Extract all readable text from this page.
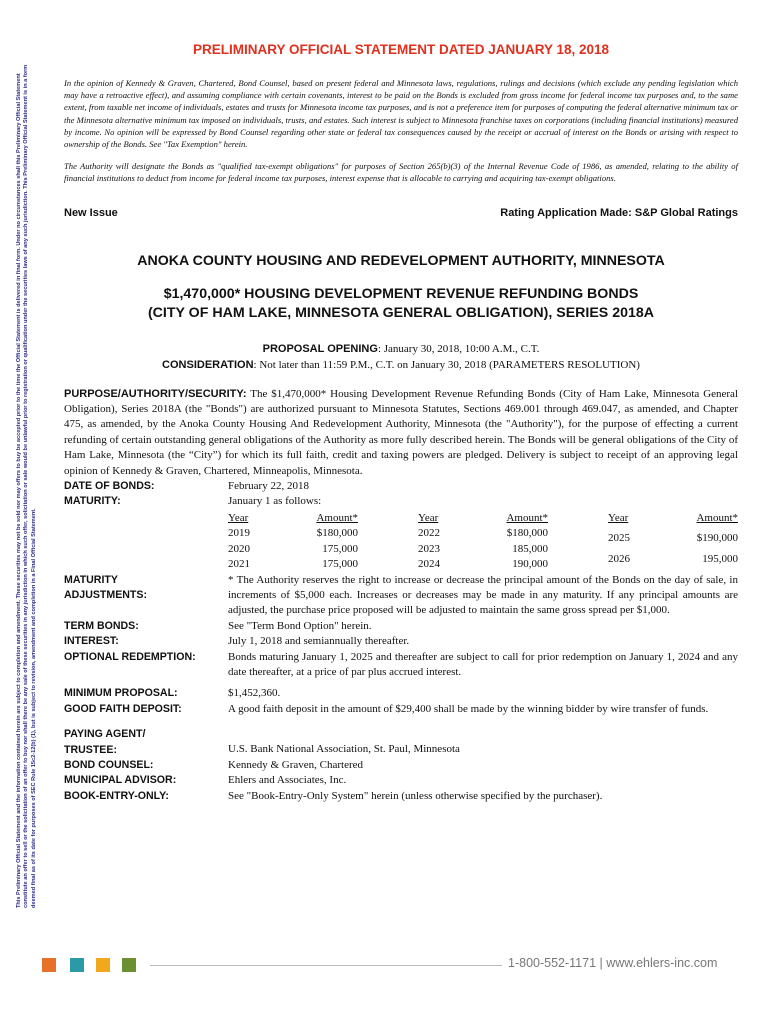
This Preliminary Official Statement and the information contained herein are subject to completion and amendment. These securities may not be sold nor may offers to buy be accepted prior to the time the Official Statement is delivered in final form. Under no circumstances shall this Preliminary Official Statement constitute an offer to sell or the solicitation of an offer to buy nor shall there be any sale of these securities in any jurisdiction in which such offer, solicitation or sale would be unlawful prior to registration or qualification under the securities laws of any such jurisdiction. This Preliminary Official Statement is in a form deemed final as of its date for purposes of SEC Rule 15c2-12(b) (1), but is subject to revision, amendment and completion in a Final Official Statement.
PRELIMINARY OFFICIAL STATEMENT DATED JANUARY 18, 2018

In the opinion of Kennedy & Graven, Chartered, Bond Counsel, based on present federal and Minnesota laws, regulations, rulings and decisions (which exclude any pending legislation which may have a retroactive effect), and assuming compliance with certain covenants, interest to be paid on the Bonds is excluded from gross income for federal income tax purposes and, to the same extent, from taxable net income of individuals, estates and trusts for Minnesota income tax purposes, and is not a preference item for purposes of computing the federal alternative minimum tax or the Minnesota alternative minimum tax imposed on individuals, trusts, and estates. Such interest is subject to Minnesota franchise taxes on corporations (including financial institutions) measured by income. No opinion will be expressed by Bond Counsel regarding other state or federal tax consequences caused by the receipt or accrual of interest on the Bonds or arising with respect to ownership of the Bonds. See "Tax Exemption" herein.

The Authority will designate the Bonds as "qualified tax-exempt obligations" for purposes of Section 265(b)(3) of the Internal Revenue Code of 1986, as amended, relating to the ability of financial institutions to deduct from income for federal income tax purposes, interest expense that is allocable to carrying and acquiring tax-exempt obligations.

New Issue	Rating Application Made: S&P Global Ratings
ANOKA COUNTY HOUSING AND REDEVELOPMENT AUTHORITY, MINNESOTA
$1,470,000* HOUSING DEVELOPMENT REVENUE REFUNDING BONDS
(CITY OF HAM LAKE, MINNESOTA GENERAL OBLIGATION), SERIES 2018A
PROPOSAL OPENING: January 30, 2018, 10:00 A.M., C.T.
CONSIDERATION: Not later than 11:59 P.M., C.T. on January 30, 2018 (PARAMETERS RESOLUTION)

PURPOSE/AUTHORITY/SECURITY: The $1,470,000* Housing Development Revenue Refunding Bonds (City of Ham Lake, Minnesota General Obligation), Series 2018A (the "Bonds") are authorized pursuant to Minnesota Statutes, Sections 469.001 through 469.047, as amended, and Chapter 475, as amended, by the Anoka County Housing And Redevelopment Authority, Minnesota (the "Authority"), for the purpose of effecting a current refunding of certain outstanding general obligations of the Authority as more fully described herein. The Bonds will be general obligations of the City of Ham Lake, Minnesota (the “City”) for which its full faith, credit and taxing powers are pledged. Delivery is subject to receipt of an approving legal opinion of Kennedy & Graven, Chartered, Minneapolis, Minnesota.

DATE OF BONDS:	February 22, 2018
MATURITY:	January 1 as follows:
Year	Amount*
2019	$180,000
2020	175,000
2021	175,000
Year	Amount*
2022	$180,000
2023	185,000
2024	190,000
Year	Amount*
2025	$190,000
2026	195,000
MATURITY
ADJUSTMENTS:
* The Authority reserves the right to increase or decrease the principal amount of the Bonds on the day of sale, in increments of $5,000 each. Increases or decreases may be made in any maturity. If any principal amounts are adjusted, the purchase price proposed will be adjusted to maintain the same gross spread per $1,000.
TERM BONDS:	See "Term Bond Option" herein.
INTEREST:	July 1, 2018 and semiannually thereafter.
OPTIONAL REDEMPTION:	Bonds maturing January 1, 2025 and thereafter are subject to call for prior redemption on January 1, 2024 and any date thereafter, at a price of par plus accrued interest.
MINIMUM PROPOSAL:	$1,452,360.
GOOD FAITH DEPOSIT:	A good faith deposit in the amount of $29,400 shall be made by the winning bidder by wire transfer of funds.
PAYING AGENT/
TRUSTEE:	U.S. Bank National Association, St. Paul, Minnesota
BOND COUNSEL:	Kennedy & Graven, Chartered
MUNICIPAL ADVISOR:	Ehlers and Associates, Inc.
BOOK-ENTRY-ONLY:	See "Book-Entry-Only System" herein (unless otherwise specified by the purchaser).
1-800-552-1171 | www.ehlers-inc.com
